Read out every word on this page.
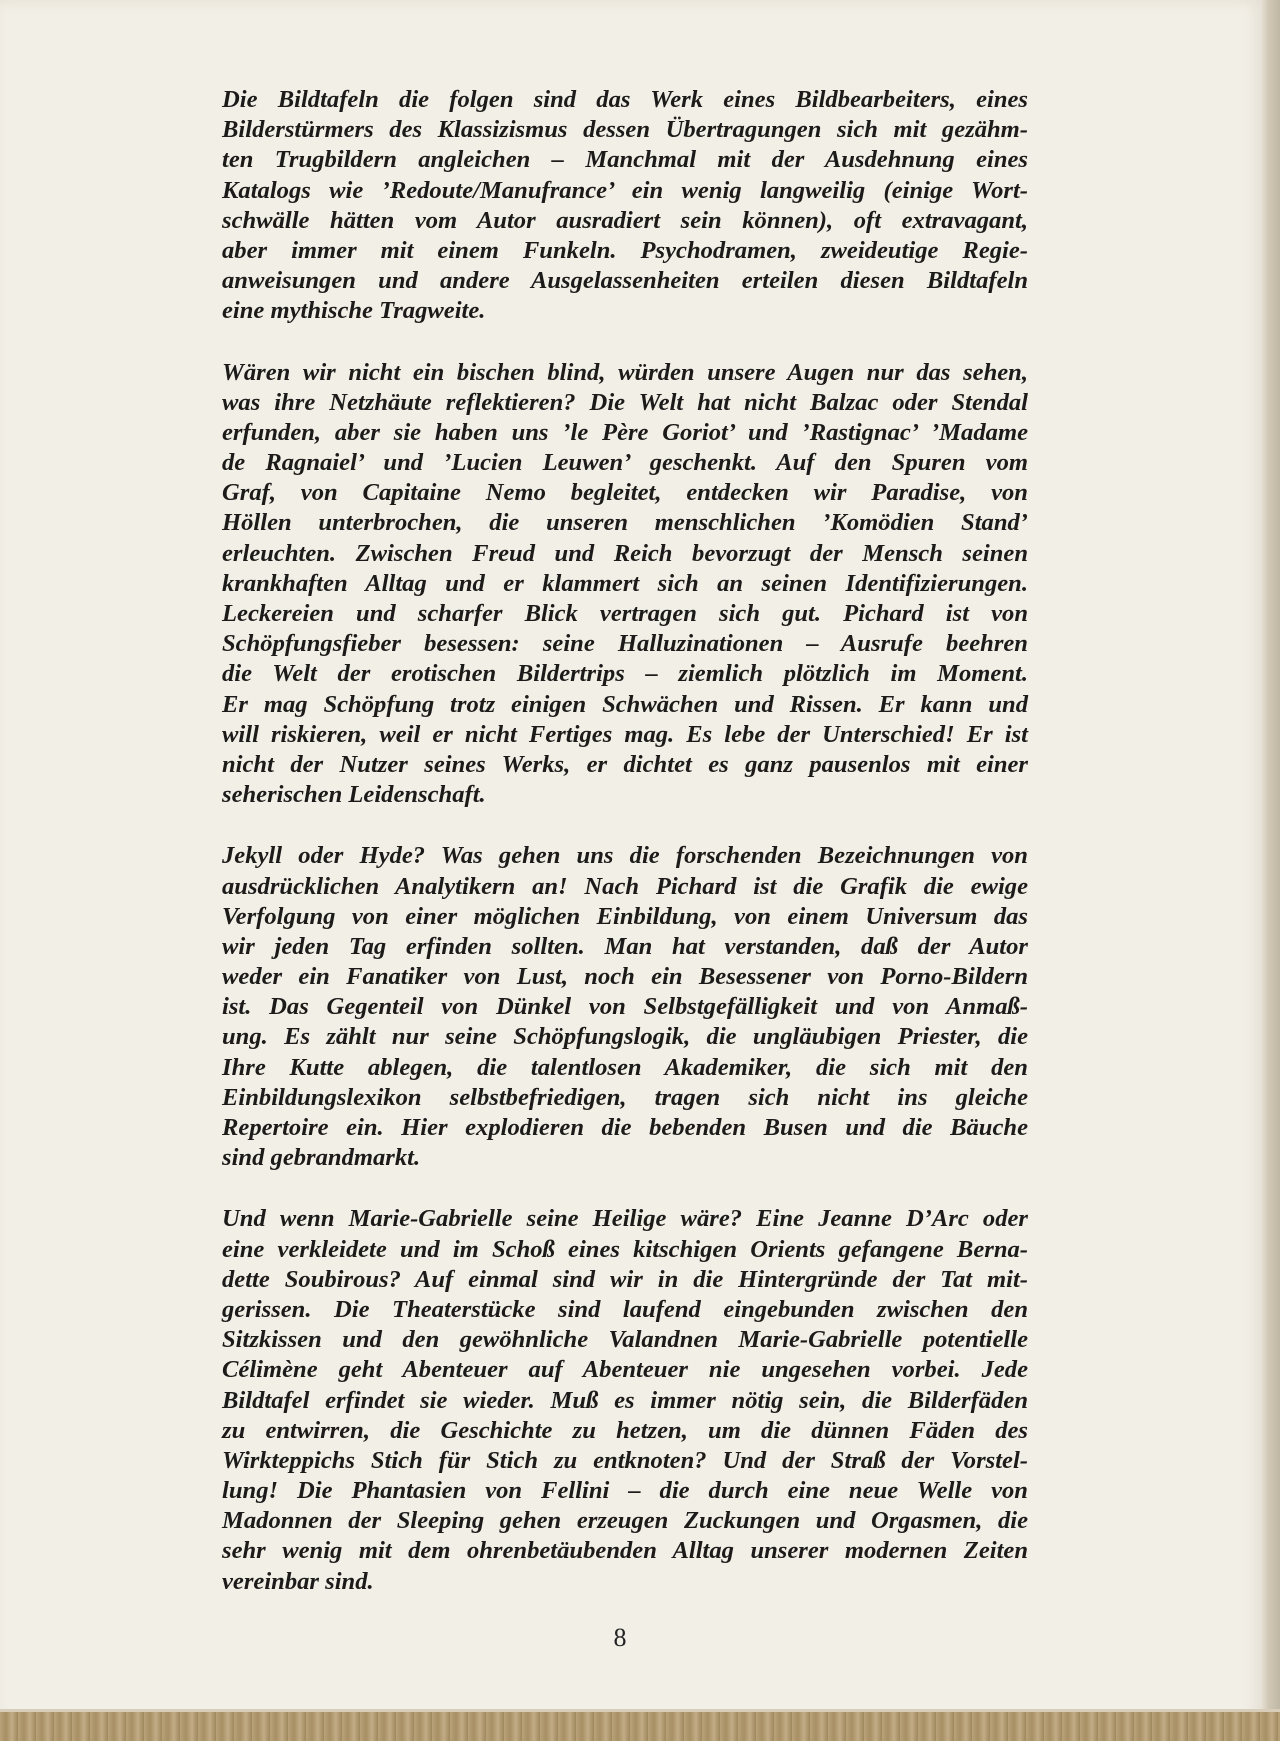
Die Bildtafeln die folgen sind das Werk eines Bildbearbeiters, eines
Bilderstürmers des Klassizismus dessen Übertragungen sich mit gezähm-
ten Trugbildern angleichen – Manchmal mit der Ausdehnung eines
Katalogs wie ’Redoute/Manufrance’ ein wenig langweilig (einige Wort-
schwälle hätten vom Autor ausradiert sein können), oft extravagant,
aber immer mit einem Funkeln. Psychodramen, zweideutige Regie-
anweisungen und andere Ausgelassenheiten erteilen diesen Bildtafeln
eine mythische Tragweite.

Wären wir nicht ein bischen blind, würden unsere Augen nur das sehen,
was ihre Netzhäute reflektieren? Die Welt hat nicht Balzac oder Stendal
erfunden, aber sie haben uns ’le Père Goriot’ und ’Rastignac’ ’Madame
de Ragnaiel’ und ’Lucien Leuwen’ geschenkt. Auf den Spuren vom
Graf, von Capitaine Nemo begleitet, entdecken wir Paradise, von
Höllen unterbrochen, die unseren menschlichen ’Komödien Stand’
erleuchten. Zwischen Freud und Reich bevorzugt der Mensch seinen
krankhaften Alltag und er klammert sich an seinen Identifizierungen.
Leckereien und scharfer Blick vertragen sich gut. Pichard ist von
Schöpfungsfieber besessen: seine Halluzinationen – Ausrufe beehren
die Welt der erotischen Bildertrips – ziemlich plötzlich im Moment.
Er mag Schöpfung trotz einigen Schwächen und Rissen. Er kann und
will riskieren, weil er nicht Fertiges mag. Es lebe der Unterschied! Er ist
nicht der Nutzer seines Werks, er dichtet es ganz pausenlos mit einer
seherischen Leidenschaft.

Jekyll oder Hyde? Was gehen uns die forschenden Bezeichnungen von
ausdrücklichen Analytikern an! Nach Pichard ist die Grafik die ewige
Verfolgung von einer möglichen Einbildung, von einem Universum das
wir jeden Tag erfinden sollten. Man hat verstanden, daß der Autor
weder ein Fanatiker von Lust, noch ein Besessener von Porno-Bildern
ist. Das Gegenteil von Dünkel von Selbstgefälligkeit und von Anmaß-
ung. Es zählt nur seine Schöpfungslogik, die ungläubigen Priester, die
Ihre Kutte ablegen, die talentlosen Akademiker, die sich mit den
Einbildungslexikon selbstbefriedigen, tragen sich nicht ins gleiche
Repertoire ein. Hier explodieren die bebenden Busen und die Bäuche
sind gebrandmarkt.

Und wenn Marie-Gabrielle seine Heilige wäre? Eine Jeanne D’Arc oder
eine verkleidete und im Schoß eines kitschigen Orients gefangene Berna-
dette Soubirous? Auf einmal sind wir in die Hintergründe der Tat mit-
gerissen. Die Theaterstücke sind laufend eingebunden zwischen den
Sitzkissen und den gewöhnliche Valandnen Marie-Gabrielle potentielle
Célimène geht Abenteuer auf Abenteuer nie ungesehen vorbei. Jede
Bildtafel erfindet sie wieder. Muß es immer nötig sein, die Bilderfäden
zu entwirren, die Geschichte zu hetzen, um die dünnen Fäden des
Wirkteppichs Stich für Stich zu entknoten? Und der Straß der Vorstel-
lung! Die Phantasien von Fellini – die durch eine neue Welle von
Madonnen der Sleeping gehen erzeugen Zuckungen und Orgasmen, die
sehr wenig mit dem ohrenbetäubenden Alltag unserer modernen Zeiten
vereinbar sind.

8
